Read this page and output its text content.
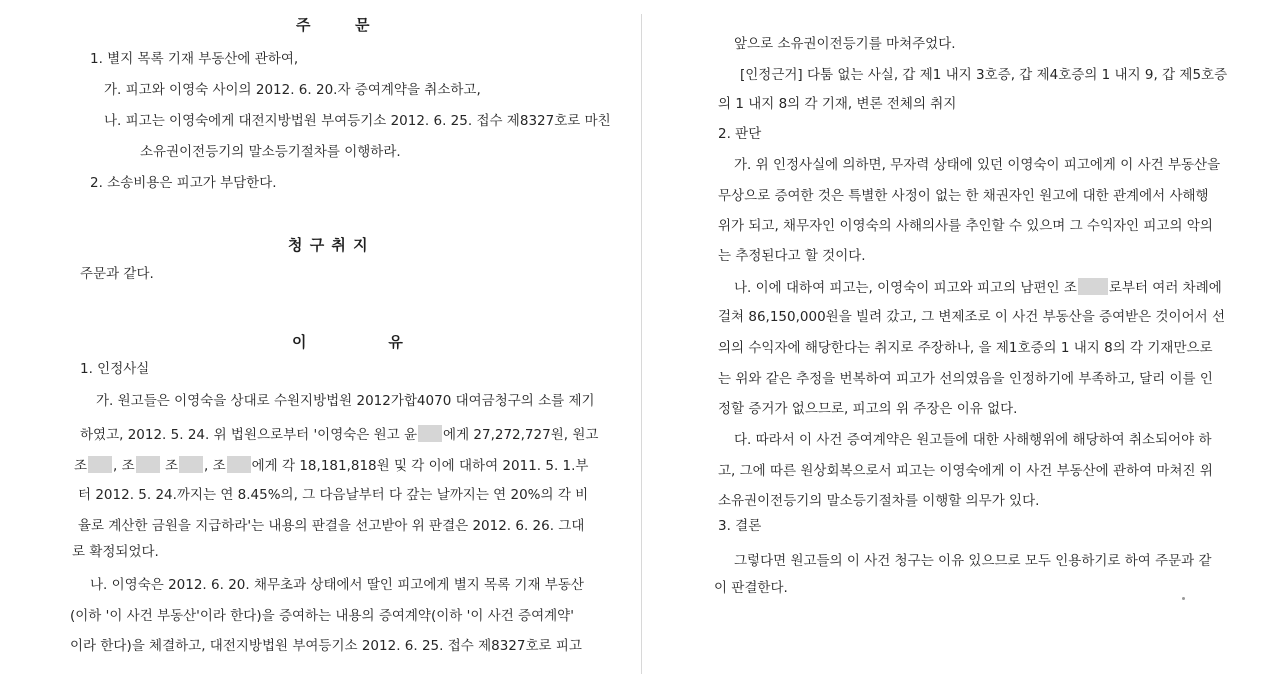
주       문
1. 별지 목록 기재 부동산에 관하여,
가. 피고와 이영숙 사이의 2012. 6. 20.자 증여계약을 취소하고,
나. 피고는 이영숙에게 대전지방법원 부여등기소 2012. 6. 25. 접수 제8327호로 마친
소유권이전등기의 말소등기절차를 이행하라.
2. 소송비용은 피고가 부담한다.
청 구 취 지
주문과 같다.
이             유
1. 인정사실
가. 원고들은 이영숙을 상대로 수원지방법원 2012가합4070 대여금청구의 소를 제기
하였고, 2012. 5. 24. 위 법원으로부터 '이영숙은 원고 윤 에게 27,272,727원, 원고
조 , 조 조 , 조 에게 각 18,181,818원 및 각 이에 대하여 2011. 5. 1.부
터 2012. 5. 24.까지는 연 8.45%의, 그 다음날부터 다 갚는 날까지는 연 20%의 각 비
율로 계산한 금원을 지급하라'는 내용의 판결을 선고받아 위 판결은 2012. 6. 26. 그대
로 확정되었다.
나. 이영숙은 2012. 6. 20. 채무초과 상태에서 딸인 피고에게 별지 목록 기재 부동산
(이하 '이 사건 부동산'이라 한다)을 증여하는 내용의 증여계약(이하 '이 사건 증여계약'
이라 한다)을 체결하고, 대전지방법원 부여등기소 2012. 6. 25. 접수 제8327호로 피고
앞으로 소유권이전등기를 마쳐주었다.
[인정근거] 다툼 없는 사실, 갑 제1 내지 3호증, 갑 제4호증의 1 내지 9, 갑 제5호증
의 1 내지 8의 각 기재, 변론 전체의 취지
2. 판단
가. 위 인정사실에 의하면, 무자력 상태에 있던 이영숙이 피고에게 이 사건 부동산을
무상으로 증여한 것은 특별한 사정이 없는 한 채권자인 원고에 대한 관계에서 사해행
위가 되고, 채무자인 이영숙의 사해의사를 추인할 수 있으며 그 수익자인 피고의 악의
는 추정된다고 할 것이다.
나. 이에 대하여 피고는, 이영숙이 피고와 피고의 남편인 조 로부터 여러 차례에
걸쳐 86,150,000원을 빌려 갔고, 그 변제조로 이 사건 부동산을 증여받은 것이어서 선
의의 수익자에 해당한다는 취지로 주장하나, 을 제1호증의 1 내지 8의 각 기재만으로
는 위와 같은 추정을 번복하여 피고가 선의였음을 인정하기에 부족하고, 달리 이를 인
정할 증거가 없으므로, 피고의 위 주장은 이유 없다.
다. 따라서 이 사건 증여계약은 원고들에 대한 사해행위에 해당하여 취소되어야 하
고, 그에 따른 원상회복으로서 피고는 이영숙에게 이 사건 부동산에 관하여 마쳐진 위
소유권이전등기의 말소등기절차를 이행할 의무가 있다.
3. 결론
그렇다면 원고들의 이 사건 청구는 이유 있으므로 모두 인용하기로 하여 주문과 같
이 판결한다.
